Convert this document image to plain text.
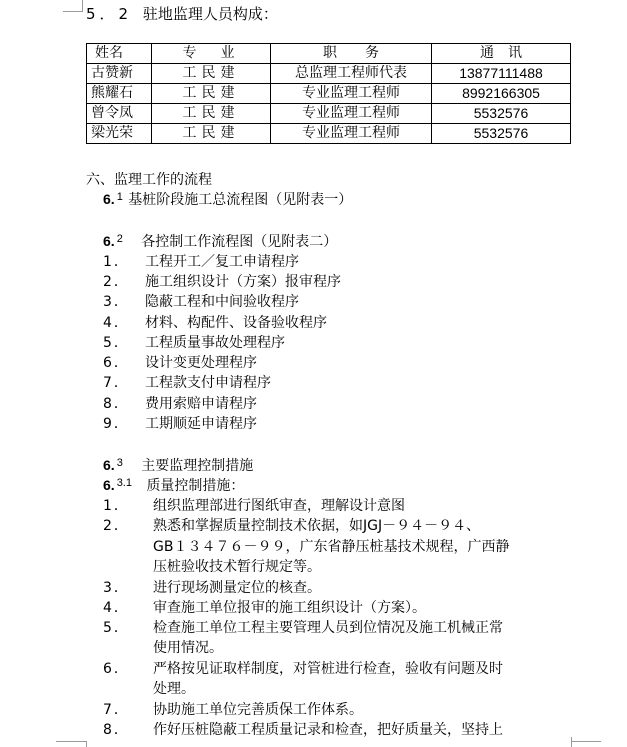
5．2 驻地监理人员构成：
姓名	专　业	职　　务	通　讯
古赞新	工民建	总监理工程师代表	13877111488
熊耀石	工民建	专业监理工程师	8992166305
曾令凤	工民建	专业监理工程师	5532576
梁光荣	工民建	专业监理工程师	5532576
六、监理工作的流程
6. $^1$ 基桩阶段施工总流程图（见附表一）
6. $^2$ 各控制工作流程图（见附表二）
1． 工程开工／复工申请程序
2． 施工组织设计（方案）报审程序
3． 隐蔽工程和中间验收程序
4． 材料、构配件、设备验收程序
5． 工程质量事故处理程序
6． 设计变更处理程序
7． 工程款支付申请程序
8． 费用索赔申请程序
9． 工期顺延申请程序
6. $^3$ 主要监理控制措施
6. $^{3.1}$ 质量控制措施：
1． 组织监理部进行图纸审查，理解设计意图
2． 熟悉和掌握质量控制技术依据，如JGJ－９４－９４、
GB１３４７６－９９，广东省静压桩基技术规程，广西静
压桩验收技术暂行规定等。
3． 进行现场测量定位的核查。
4． 审查施工单位报审的施工组织设计（方案）。
5． 检查施工单位工程主要管理人员到位情况及施工机械正常
使用情况。
6． 严格按见证取样制度，对管桩进行检查，验收有问题及时
处理。
7． 协助施工单位完善质保工作体系。
8． 作好压桩隐蔽工程质量记录和检查，把好质量关，坚持上
